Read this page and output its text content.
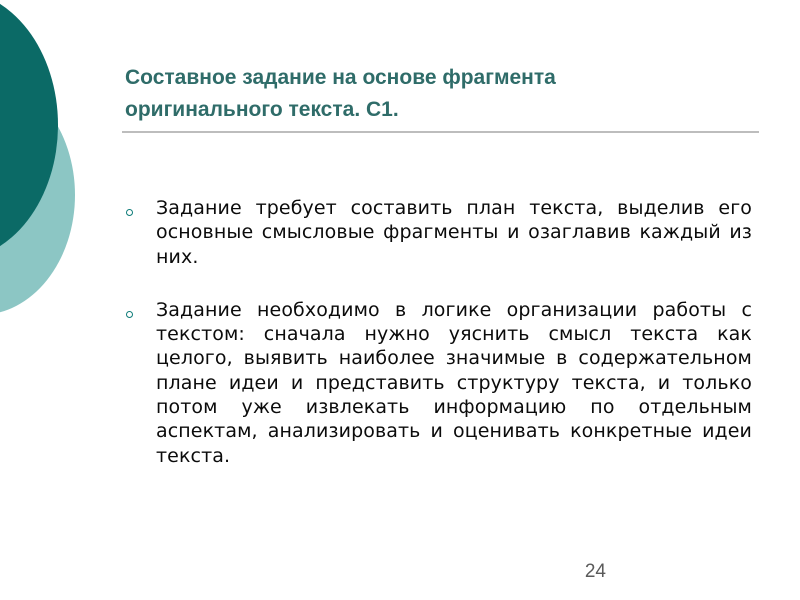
Составное задание на основе фрагмента
оригинального текста. С1.
Задание требует составить план текста, выделив его основные смысловые фрагменты и озаглавив каждый из них.
Задание необходимо в логике организации работы с текстом: сначала нужно уяснить смысл текста как целого, выявить наиболее значимые в содержательном плане идеи и представить структуру текста, и только потом уже извлекать информацию по отдельным аспектам, анализировать и оценивать конкретные идеи текста.
24
